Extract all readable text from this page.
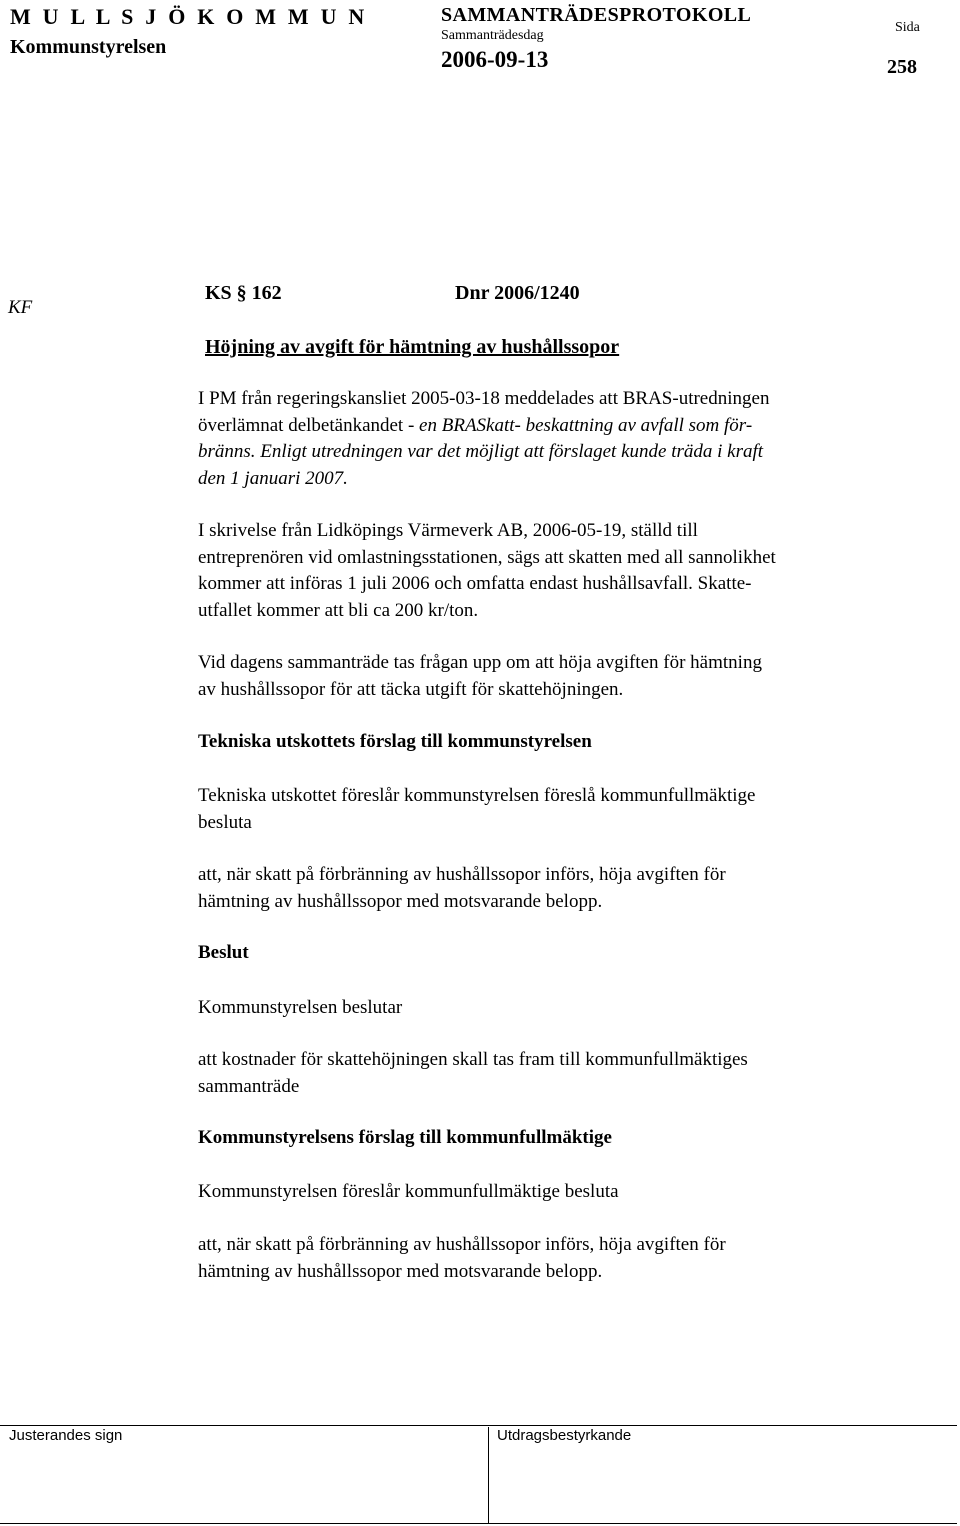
M U L L S J Ö K O M M U N
Kommunstyrelsen
SAMMANTRÄDESPROTOKOLL
Sammanträdesdag
2006-09-13
Sida
258
KF
KS § 162	Dnr 2006/1240
Höjning av avgift för hämtning av hushållssopor
I PM från regeringskansliet 2005-03-18 meddelades att BRAS-utredningen
överlämnat delbetänkandet - en BRASkatt- beskattning av avfall som för-
bränns. Enligt utredningen var det möjligt att förslaget kunde träda i kraft
den 1 januari 2007.
I skrivelse från Lidköpings Värmeverk AB, 2006-05-19, ställd till
entreprenören vid omlastningsstationen, sägs att skatten med all sannolikhet
kommer att införas 1 juli 2006 och omfatta endast hushållsavfall. Skatte-
utfallet kommer att bli ca 200 kr/ton.
Vid dagens sammanträde tas frågan upp om att höja avgiften för hämtning
av hushållssopor för att täcka utgift för skattehöjningen.
Tekniska utskottets förslag till kommunstyrelsen
Tekniska utskottet föreslår kommunstyrelsen föreslå kommunfullmäktige
besluta
att, när skatt på förbränning av hushållssopor införs, höja avgiften för
hämtning av hushållssopor med motsvarande belopp.
Beslut
Kommunstyrelsen beslutar
att kostnader för skattehöjningen skall tas fram till kommunfullmäktiges
sammanträde
Kommunstyrelsens förslag till kommunfullmäktige
Kommunstyrelsen föreslår kommunfullmäktige besluta
att, när skatt på förbränning av hushållssopor införs, höja avgiften för
hämtning av hushållssopor med motsvarande belopp.
Justerandes sign	Utdragsbestyrkande
